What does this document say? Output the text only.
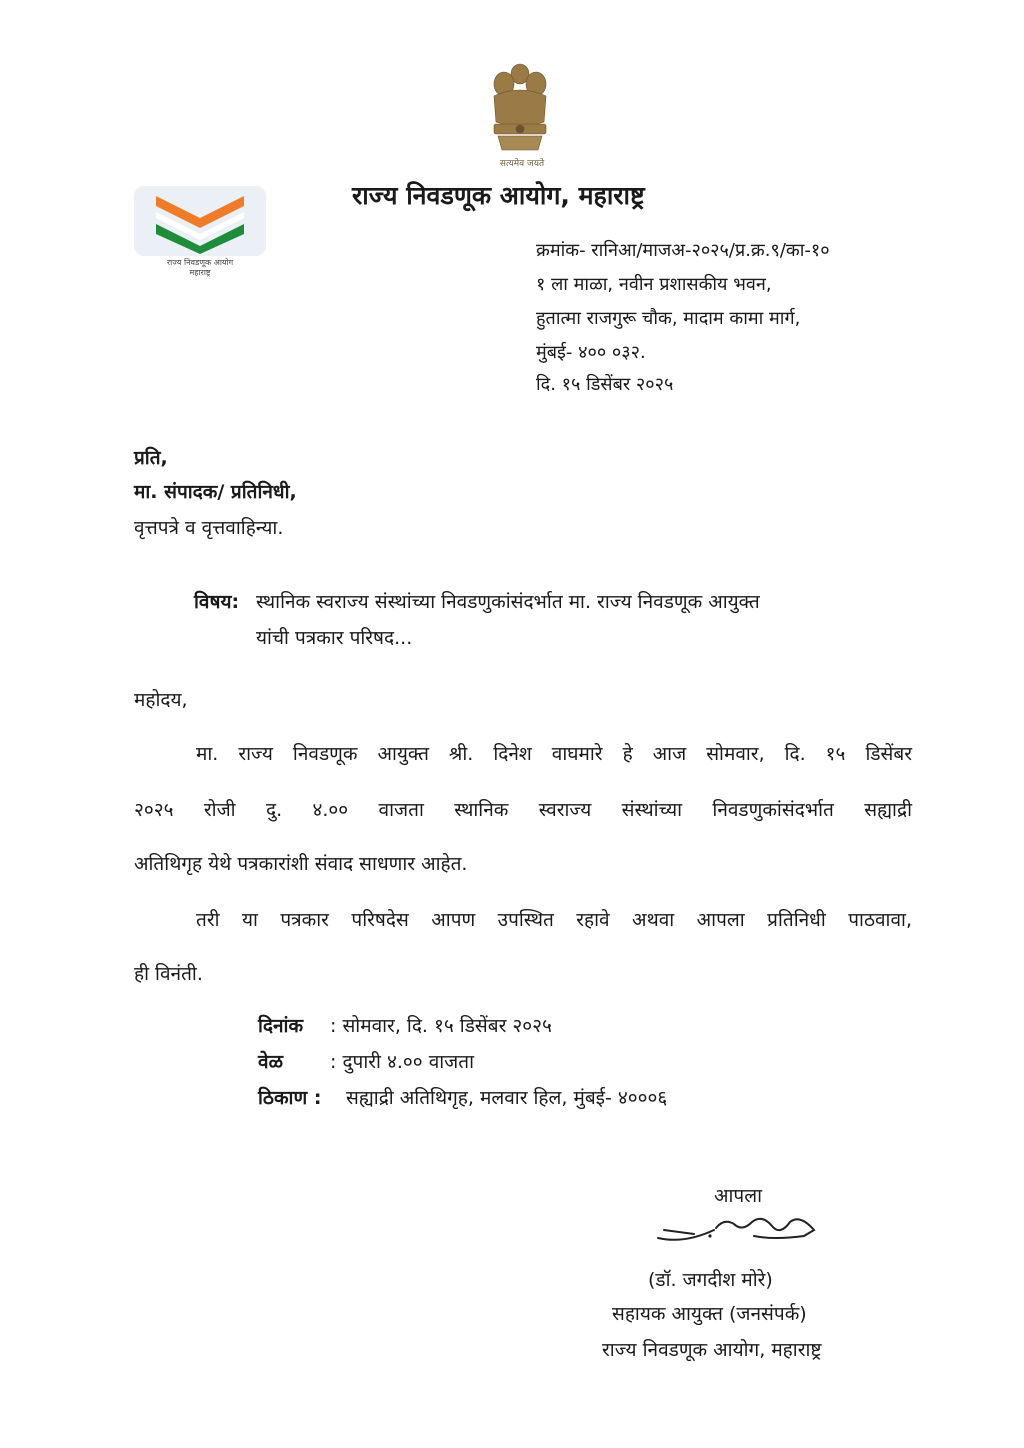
सत्यमेव जयते
राज्य निवडणूक आयोग
महाराष्ट्र
राज्य निवडणूक आयोग, महाराष्ट्र
क्रमांक- रानिआ/माजअ-२०२५/प्र.क्र.९/का-१०
१ ला माळा, नवीन प्रशासकीय भवन,
हुतात्मा राजगुरू चौक, मादाम कामा मार्ग,
मुंबई- ४०० ०३२.
दि. १५ डिसेंबर २०२५
प्रति,
मा. संपादक/ प्रतिनिधी,
वृत्तपत्रे व वृत्तवाहिन्या.
विषय: स्थानिक स्वराज्य संस्थांच्या निवडणुकांसंदर्भात मा. राज्य निवडणूक आयुक्त
यांची पत्रकार परिषद...
महोदय,
मा. राज्य निवडणूक आयुक्त श्री. दिनेश वाघमारे हे आज सोमवार, दि. १५ डिसेंबर
२०२५ रोजी दु. ४.०० वाजता स्थानिक स्वराज्य संस्थांच्या निवडणुकांसंदर्भात सह्याद्री
अतिथिगृह येथे पत्रकारांशी संवाद साधणार आहेत.
तरी या पत्रकार परिषदेस आपण उपस्थित रहावे अथवा आपला प्रतिनिधी पाठवावा,
ही विनंती.
दिनांक : सोमवार, दि. १५ डिसेंबर २०२५
वेळ : दुपारी ४.०० वाजता
ठिकाण : सह्याद्री अतिथिगृह, मलवार हिल, मुंबई- ४०००६
आपला
(डॉ. जगदीश मोरे)
सहायक आयुक्त (जनसंपर्क)
राज्य निवडणूक आयोग, महाराष्ट्र
